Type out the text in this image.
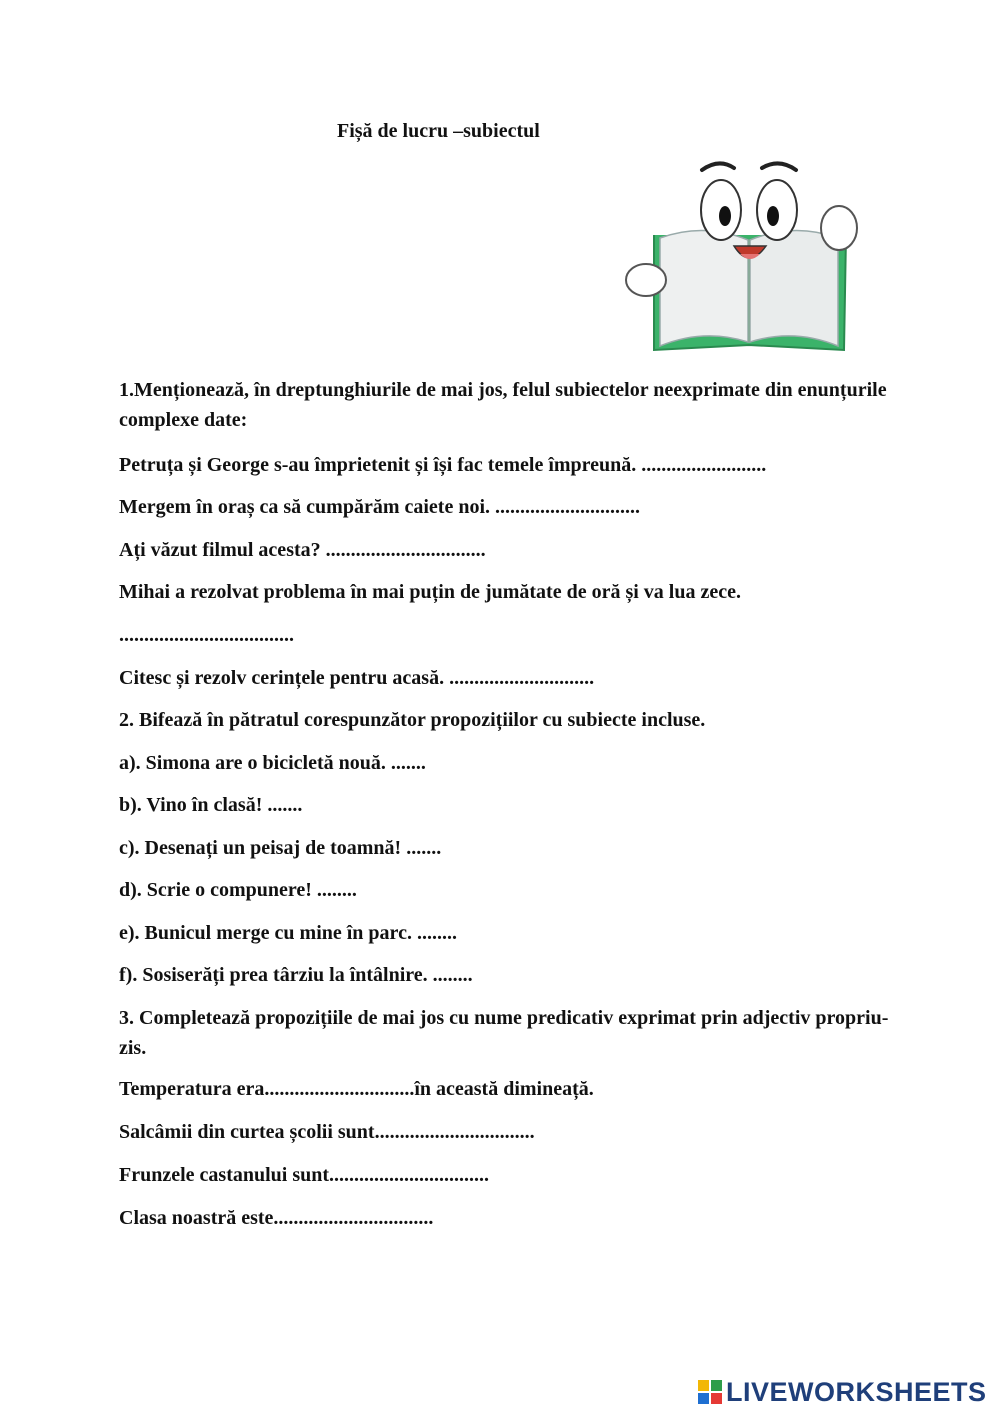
Fișă de lucru –subiectul
1.Menționează, în dreptunghiurile de mai jos, felul subiectelor neexprimate din enunțurile complexe date:
Petruța și George s-au împrietenit și își fac temele împreună. .........................
Mergem în oraș ca să cumpărăm caiete noi. .............................
Ați văzut filmul acesta? ................................
Mihai a rezolvat problema în mai puțin de jumătate de oră și va lua zece.
...................................
Citesc și rezolv cerințele pentru acasă. .............................
2. Bifează în pătratul corespunzător propozițiilor cu subiecte incluse.
a). Simona are o bicicletă nouă. .......
b). Vino în clasă! .......
c). Desenați un peisaj de toamnă! .......
d). Scrie o compunere! ........
e). Bunicul merge cu mine în parc. ........
f). Sosiserăți prea târziu la întâlnire. ........
3. Completează propozițiile de mai jos cu nume predicativ exprimat prin adjectiv propriu-zis.
Temperatura era..............................în această dimineață.
Salcâmii din curtea școlii sunt................................
Frunzele castanului sunt................................
Clasa noastră este................................
LIVEWORKSHEETS
